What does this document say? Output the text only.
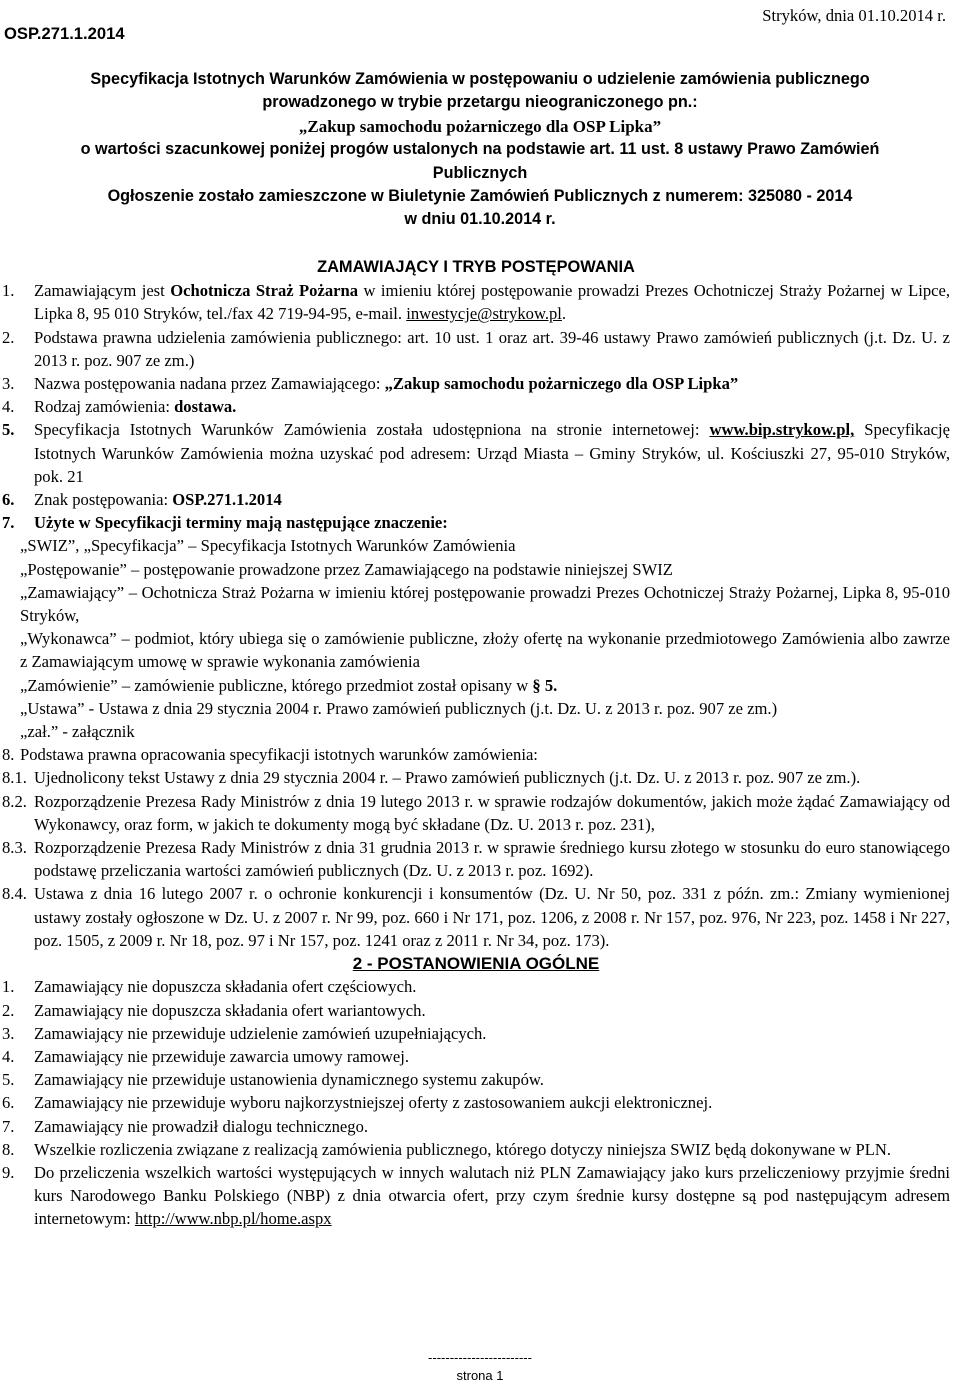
OSP.271.1.2014
Stryków, dnia 01.10.2014 r.
Specyfikacja Istotnych Warunków Zamówienia w postępowaniu o udzielenie zamówienia publicznego
prowadzonego w trybie przetargu nieograniczonego pn.:
„Zakup samochodu pożarniczego dla OSP Lipka”
o wartości szacunkowej poniżej progów ustalonych na podstawie art. 11 ust. 8 ustawy Prawo Zamówień
Publicznych
Ogłoszenie zostało zamieszczone w Biuletynie Zamówień Publicznych z numerem: 325080 - 2014
w dniu 01.10.2014 r.
ZAMAWIAJĄCY I TRYB POSTĘPOWANIA
1. Zamawiającym jest Ochotnicza Straż Pożarna w imieniu której postępowanie prowadzi Prezes Ochotniczej Straży Pożarnej w Lipce, Lipka 8, 95 010 Stryków, tel./fax 42 719-94-95, e-mail. inwestycje@strykow.pl.
2. Podstawa prawna udzielenia zamówienia publicznego: art. 10 ust. 1 oraz art. 39-46 ustawy Prawo zamówień publicznych (j.t. Dz. U. z 2013 r. poz. 907 ze zm.)
3. Nazwa postępowania nadana przez Zamawiającego: „Zakup samochodu pożarniczego dla OSP Lipka”
4. Rodzaj zamówienia: dostawa.
5. Specyfikacja Istotnych Warunków Zamówienia została udostępniona na stronie internetowej: www.bip.strykow.pl, Specyfikację Istotnych Warunków Zamówienia można uzyskać pod adresem: Urząd Miasta – Gminy Stryków, ul. Kościuszki 27, 95-010 Stryków, pok. 21
6. Znak postępowania: OSP.271.1.2014
7. Użyte w Specyfikacji terminy mają następujące znaczenie:

„SWIZ”, „Specyfikacja” – Specyfikacja Istotnych Warunków Zamówienia

„Postępowanie” – postępowanie prowadzone przez Zamawiającego na podstawie niniejszej SWIZ

„Zamawiający” – Ochotnicza Straż Pożarna w imieniu której postępowanie prowadzi Prezes Ochotniczej Straży Pożarnej, Lipka 8, 95-010 Stryków,

„Wykonawca” – podmiot, który ubiega się o zamówienie publiczne, złoży ofertę na wykonanie przedmiotowego Zamówienia albo zawrze z Zamawiającym umowę w sprawie wykonania zamówienia

„Zamówienie” – zamówienie publiczne, którego przedmiot został opisany w § 5.

„Ustawa” - Ustawa z dnia 29 stycznia 2004 r. Prawo zamówień publicznych (j.t. Dz. U. z 2013 r. poz. 907 ze zm.)

„zał.” - załącznik

8. Podstawa prawna opracowania specyfikacji istotnych warunków zamówienia:
8.1. Ujednolicony tekst Ustawy z dnia 29 stycznia 2004 r. – Prawo zamówień publicznych (j.t. Dz. U. z 2013 r. poz. 907 ze zm.).
8.2. Rozporządzenie Prezesa Rady Ministrów z dnia 19 lutego 2013 r. w sprawie rodzajów dokumentów, jakich może żądać Zamawiający od Wykonawcy, oraz form, w jakich te dokumenty mogą być składane (Dz. U. 2013 r. poz. 231),
8.3. Rozporządzenie Prezesa Rady Ministrów z dnia 31 grudnia 2013 r. w sprawie średniego kursu złotego w stosunku do euro stanowiącego podstawę przeliczania wartości zamówień publicznych (Dz. U. z 2013 r. poz. 1692).
8.4. Ustawa z dnia 16 lutego 2007 r. o ochronie konkurencji i konsumentów (Dz. U. Nr 50, poz. 331 z późn. zm.: Zmiany wymienionej ustawy zostały ogłoszone w Dz. U. z 2007 r. Nr 99, poz. 660 i Nr 171, poz. 1206, z 2008 r. Nr 157, poz. 976, Nr 223, poz. 1458 i Nr 227, poz. 1505, z 2009 r. Nr 18, poz. 97 i Nr 157, poz. 1241 oraz z 2011 r. Nr 34, poz. 173).
2 - POSTANOWIENIA OGÓLNE
1. Zamawiający nie dopuszcza składania ofert częściowych.
2. Zamawiający nie dopuszcza składania ofert wariantowych.
3. Zamawiający nie przewiduje udzielenie zamówień uzupełniających.
4. Zamawiający nie przewiduje zawarcia umowy ramowej.
5. Zamawiający nie przewiduje ustanowienia dynamicznego systemu zakupów.
6. Zamawiający nie przewiduje wyboru najkorzystniejszej oferty z zastosowaniem aukcji elektronicznej.
7. Zamawiający nie prowadził dialogu technicznego.
8. Wszelkie rozliczenia związane z realizacją zamówienia publicznego, którego dotyczy niniejsza SWIZ będą dokonywane w PLN.
9. Do przeliczenia wszelkich wartości występujących w innych walutach niż PLN Zamawiający jako kurs przeliczeniowy przyjmie średni kurs Narodowego Banku Polskiego (NBP) z dnia otwarcia ofert, przy czym średnie kursy dostępne są pod następującym adresem internetowym: http://www.nbp.pl/home.aspx
------------------------
strona 1
